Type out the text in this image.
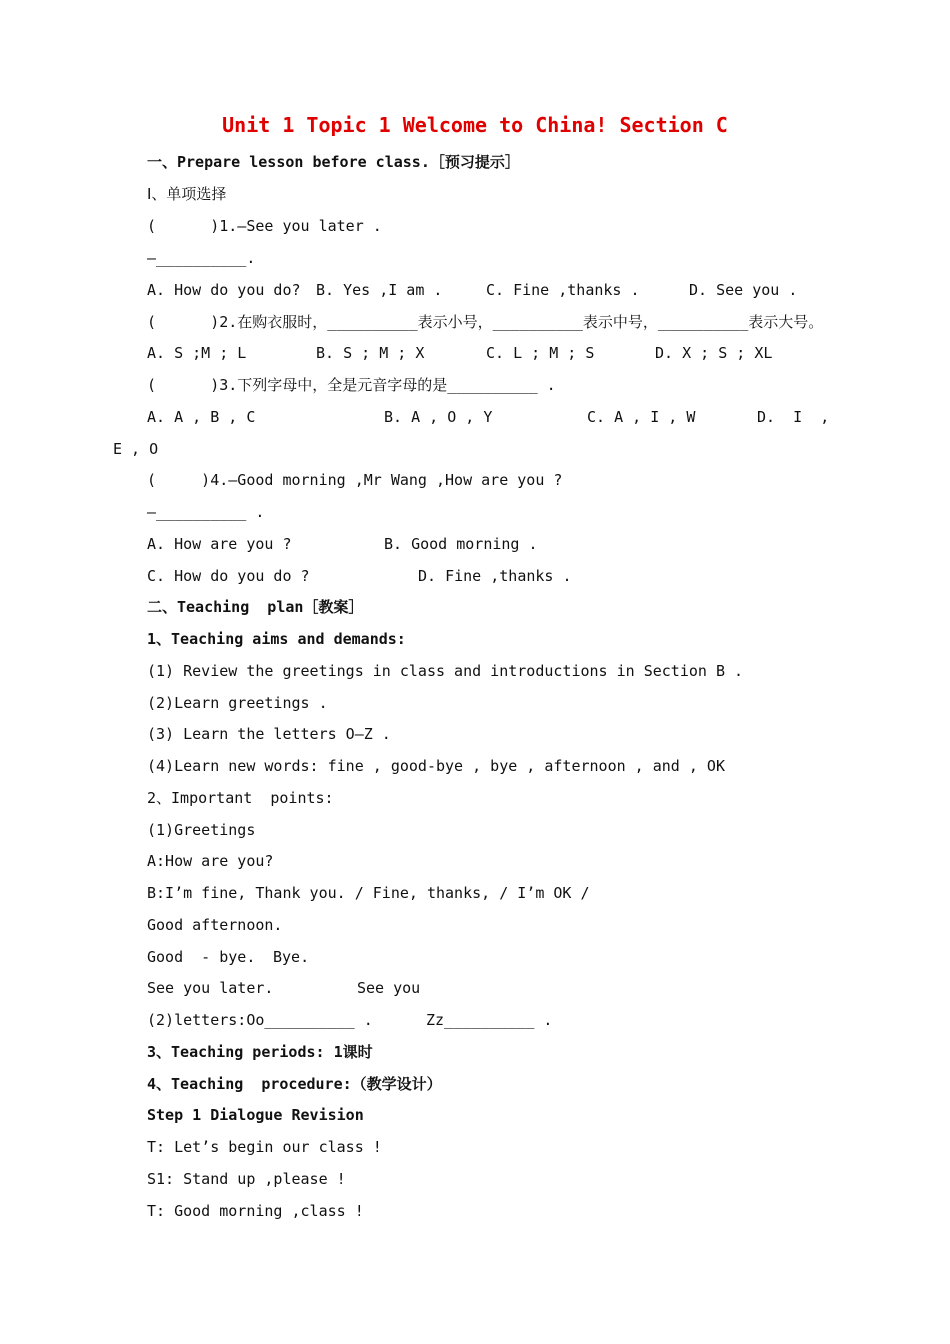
Unit 1 Topic 1 Welcome to China! Section C
一、Prepare lesson before class.［预习提示］
Ⅰ、单项选择
(      )1.—See you later .
—__________.

A. How do you do?

B. Yes ,I am .

	C. Fine ,thanks .

	D. See you .

(      )2.在购衣服时，__________表示小号，__________表示中号，__________表示大号。

A. S ;M ; L

	B. S ; M ; X

	C. L ; M ; S

	D. X ; S ; XL

(      )3.下列字母中，全是元音字母的是__________ .

A. A , B , C

	B. A , O , Y

	C. A , I , W

	D.  I  ,

E , O
(     )4.—Good morning ,Mr Wang ,How are you ?
—__________ .

A. How are you ?

	B. Good morning .

C. How do you do ?

	D. Fine ,thanks .

二、Teaching  plan［教案］
1、Teaching aims and demands:
(1) Review the greetings in class and introductions in Section B .
(2)Learn greetings .
(3) Learn the letters O—Z .
(4)Learn new words: fine , good-bye , bye , afternoon , and , OK
2、Important  points:
(1)Greetings
A:How are you?
B:I’m fine, Thank you. / Fine, thanks, / I’m OK /
Good afternoon.

Good  - bye.

Bye.

See you later.

	See you

(2)letters:Oo__________ .

	Zz__________ .

3、Teaching periods: 1课时
4、Teaching  procedure:（教学设计）
Step 1 Dialogue Revision
T: Let’s begin our class !
S1: Stand up ,please !
T: Good morning ,class !
